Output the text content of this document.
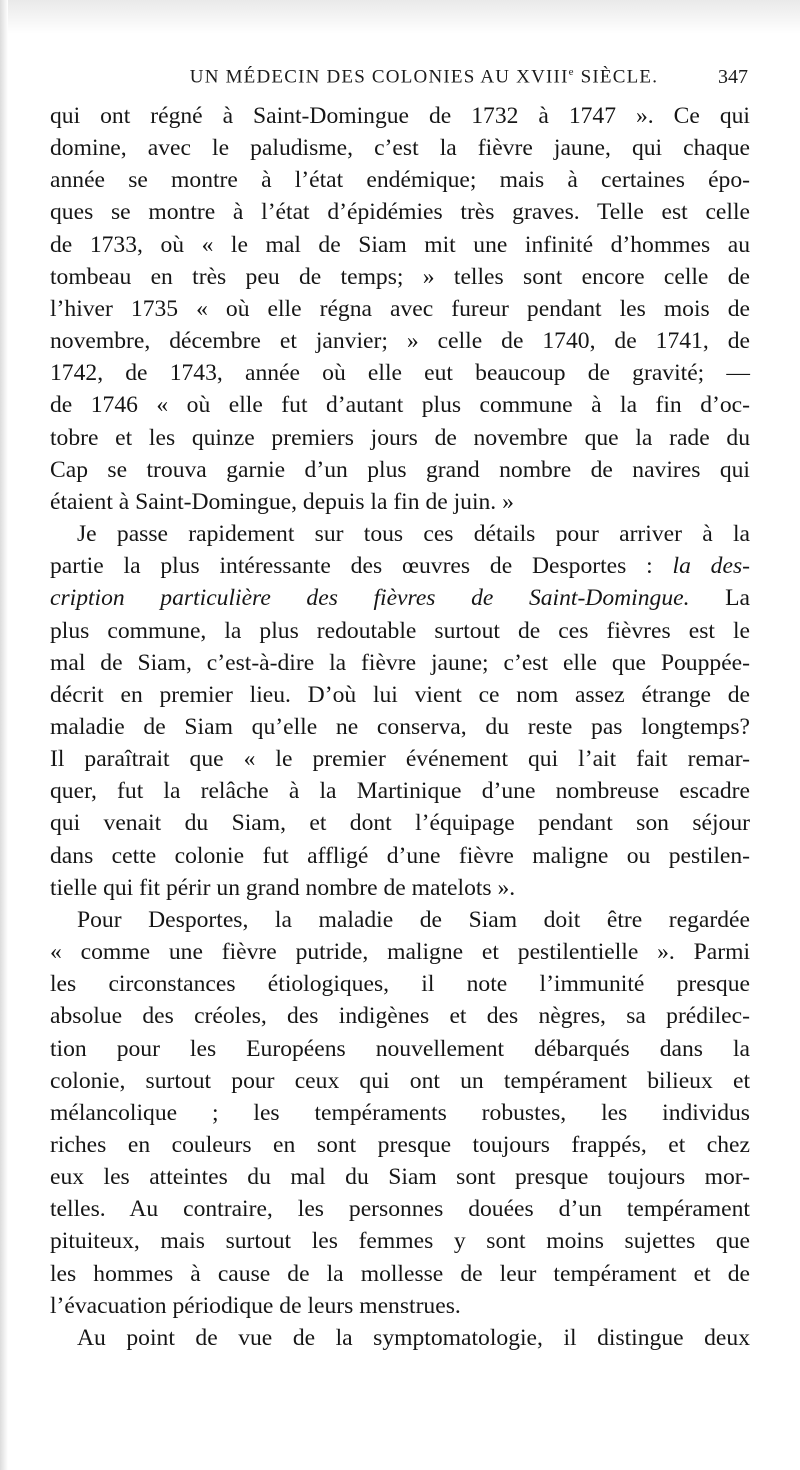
UN MÉDECIN DES COLONIES AU XVIIIe SIÈCLE.	347

qui ont régné à Saint-Domingue de 1732 à 1747 ». Ce qui
domine, avec le paludisme, c’est la fièvre jaune, qui chaque
année se montre à l’état endémique; mais à certaines épo-
ques se montre à l’état d’épidémies très graves. Telle est celle
de 1733, où « le mal de Siam mit une infinité d’hommes au
tombeau en très peu de temps; » telles sont encore celle de
l’hiver 1735 « où elle régna avec fureur pendant les mois de
novembre, décembre et janvier; » celle de 1740, de 1741, de
1742, de 1743, année où elle eut beaucoup de gravité; —
de 1746 « où elle fut d’autant plus commune à la fin d’oc-
tobre et les quinze premiers jours de novembre que la rade du
Cap se trouva garnie d’un plus grand nombre de navires qui
étaient à Saint-Domingue, depuis la fin de juin. »

Je passe rapidement sur tous ces détails pour arriver à la
partie la plus intéressante des œuvres de Desportes : la des-
cription particulière des fièvres de Saint-Domingue. La
plus commune, la plus redoutable surtout de ces fièvres est le
mal de Siam, c’est-à-dire la fièvre jaune; c’est elle que Pouppée-
décrit en premier lieu. D’où lui vient ce nom assez étrange de
maladie de Siam qu’elle ne conserva, du reste pas longtemps?
Il paraîtrait que « le premier événement qui l’ait fait remar-
quer, fut la relâche à la Martinique d’une nombreuse escadre
qui venait du Siam, et dont l’équipage pendant son séjour
dans cette colonie fut affligé d’une fièvre maligne ou pestilen-
tielle qui fit périr un grand nombre de matelots ».

Pour Desportes, la maladie de Siam doit être regardée
« comme une fièvre putride, maligne et pestilentielle ». Parmi
les circonstances étiologiques, il note l’immunité presque
absolue des créoles, des indigènes et des nègres, sa prédilec-
tion pour les Européens nouvellement débarqués dans la
colonie, surtout pour ceux qui ont un tempérament bilieux et
mélancolique ; les tempéraments robustes, les individus
riches en couleurs en sont presque toujours frappés, et chez
eux les atteintes du mal du Siam sont presque toujours mor-
telles. Au contraire, les personnes douées d’un tempérament
pituiteux, mais surtout les femmes y sont moins sujettes que
les hommes à cause de la mollesse de leur tempérament et de
l’évacuation périodique de leurs menstrues.

Au point de vue de la symptomatologie, il distingue deux
